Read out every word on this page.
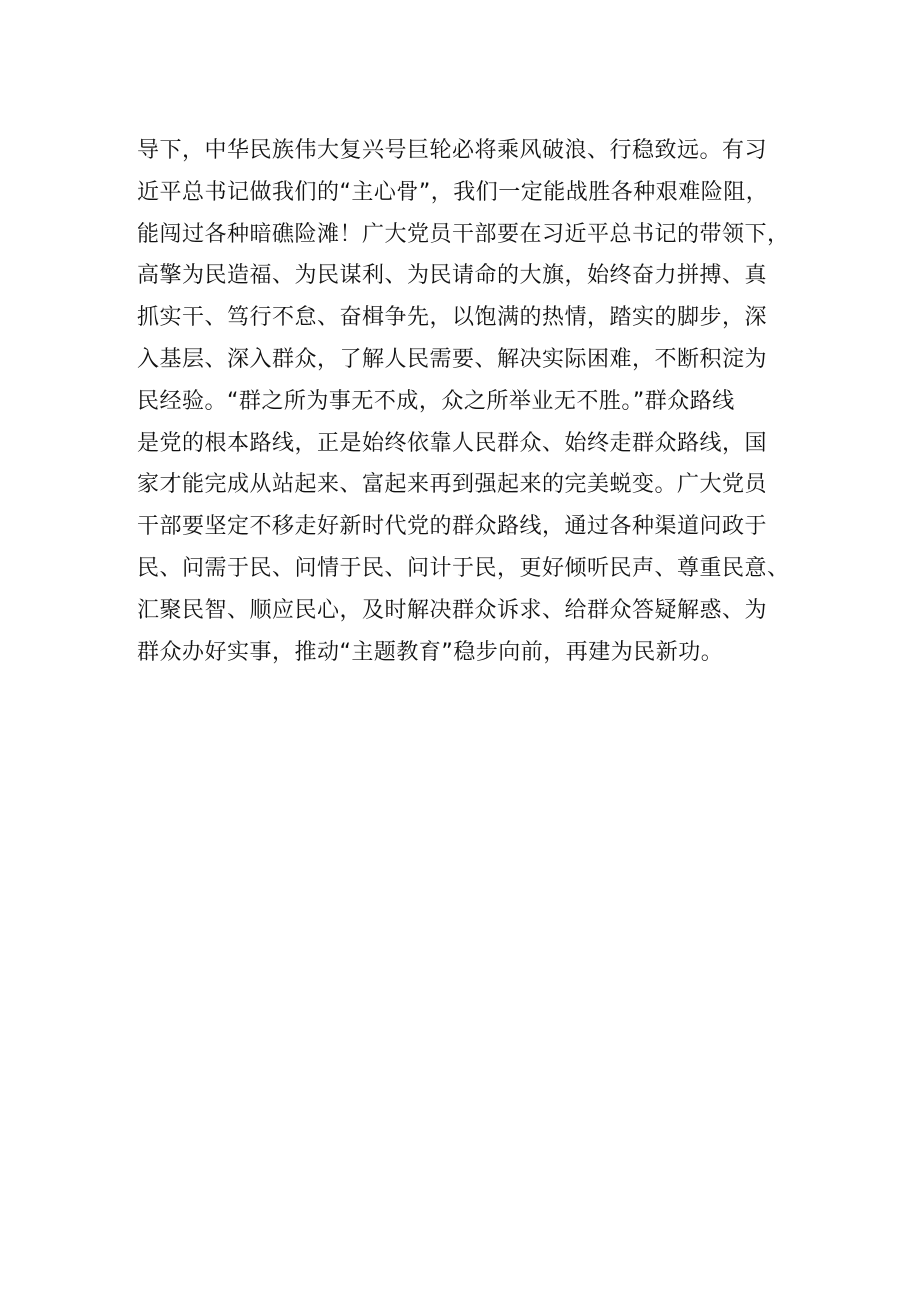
导下，中华民族伟大复兴号巨轮必将乘风破浪、行稳致远。有习
近平总书记做我们的“主心骨”，我们一定能战胜各种艰难险阻，
能闯过各种暗礁险滩！广大党员干部要在习近平总书记的带领下，
高擎为民造福、为民谋利、为民请命的大旗，始终奋力拼搏、真
抓实干、笃行不怠、奋楫争先，以饱满的热情，踏实的脚步，深
入基层、深入群众，了解人民需要、解决实际困难，不断积淀为
民经验。“群之所为事无不成，众之所举业无不胜。”群众路线
是党的根本路线，正是始终依靠人民群众、始终走群众路线，国
家才能完成从站起来、富起来再到强起来的完美蜕变。广大党员
干部要坚定不移走好新时代党的群众路线，通过各种渠道问政于
民、问需于民、问情于民、问计于民，更好倾听民声、尊重民意、
汇聚民智、顺应民心，及时解决群众诉求、给群众答疑解惑、为
群众办好实事，推动“主题教育”稳步向前，再建为民新功。
